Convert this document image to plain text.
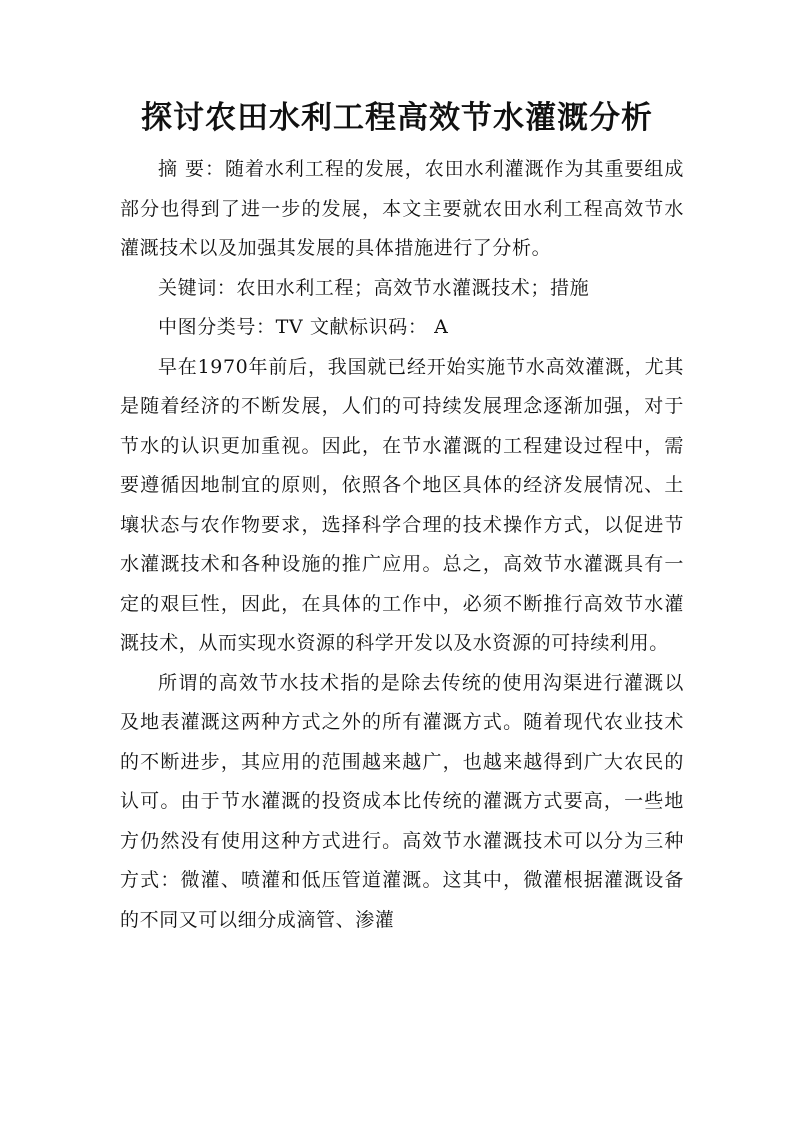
探讨农田水利工程高效节水灌溉分析

摘 要：随着水利工程的发展，农田水利灌溉作为其重要组成部分也得到了进一步的发展，本文主要就农田水利工程高效节水灌溉技术以及加强其发展的具体措施进行了分析。

关键词：农田水利工程；高效节水灌溉技术；措施

中图分类号：TV 文献标识码： A

早在1970年前后，我国就已经开始实施节水高效灌溉，尤其是随着经济的不断发展，人们的可持续发展理念逐渐加强，对于节水的认识更加重视。因此，在节水灌溉的工程建设过程中，需要遵循因地制宜的原则，依照各个地区具体的经济发展情况、土壤状态与农作物要求，选择科学合理的技术操作方式，以促进节水灌溉技术和各种设施的推广应用。总之，高效节水灌溉具有一定的艰巨性，因此，在具体的工作中，必须不断推行高效节水灌溉技术，从而实现水资源的科学开发以及水资源的可持续利用。

所谓的高效节水技术指的是除去传统的使用沟渠进行灌溉以及地表灌溉这两种方式之外的所有灌溉方式。随着现代农业技术的不断进步，其应用的范围越来越广，也越来越得到广大农民的认可。由于节水灌溉的投资成本比传统的灌溉方式要高，一些地方仍然没有使用这种方式进行。高效节水灌溉技术可以分为三种方式：微灌、喷灌和低压管道灌溉。这其中，微灌根据灌溉设备的不同又可以细分成滴管、渗灌
